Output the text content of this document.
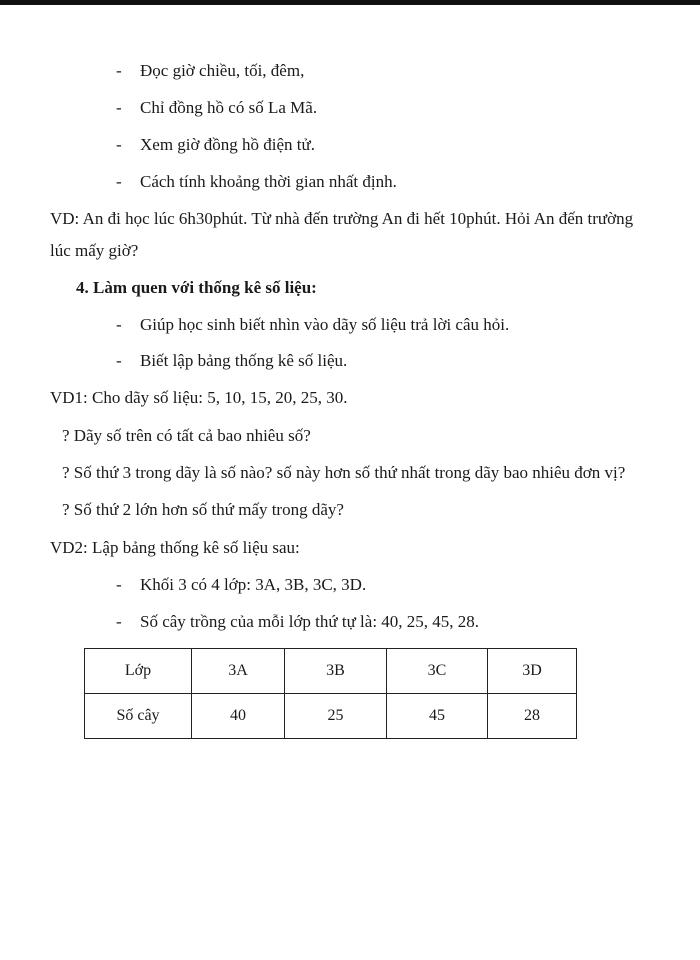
- Đọc giờ chiều, tối, đêm,
- Chỉ đồng hồ có số La Mã.
- Xem giờ đồng hồ điện tử.
- Cách tính khoảng thời gian nhất định.
VD: An đi học lúc 6h30phút. Từ nhà đến trường An đi hết 10phút. Hỏi An đến trường
lúc mấy giờ?
4. Làm quen với thống kê số liệu:
- Giúp học sinh biết nhìn vào dãy số liệu trả lời câu hỏi.
- Biết lập bảng thống kê số liệu.
VD1: Cho dãy số liệu: 5, 10, 15, 20, 25, 30.
? Dãy số trên có tất cả bao nhiêu số?
? Số thứ 3 trong dãy là số nào? số này hơn số thứ nhất trong dãy bao nhiêu đơn vị?
? Số thứ 2 lớn hơn số thứ mấy trong dãy?
VD2: Lập bảng thống kê số liệu sau:
- Khối 3 có 4 lớp: 3A, 3B, 3C, 3D.
- Số cây trồng của mỗi lớp thứ tự là: 40, 25, 45, 28.
Lớp	3A	3B	3C	3D
Số cây	40	25	45	28
